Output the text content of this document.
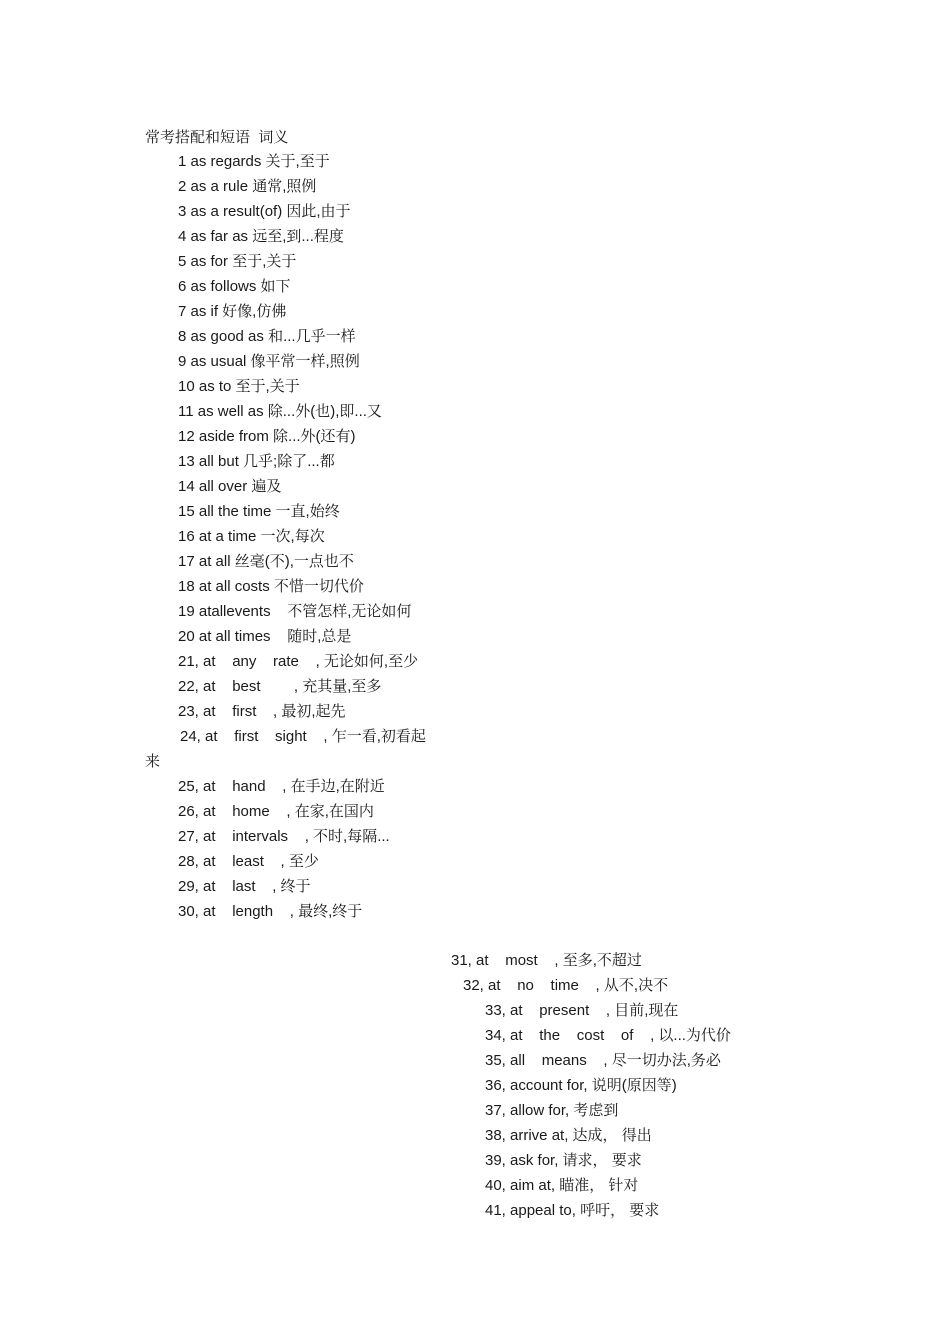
常考搭配和短语  词义
1 as regards 关于,至于
2 as a rule 通常,照例
3 as a result(of) 因此,由于
4 as far as 远至,到...程度
5 as for 至于,关于
6 as follows 如下
7 as if 好像,仿佛
8 as good as 和...几乎一样
9 as usual 像平常一样,照例
10 as to 至于,关于
11 as well as 除...外(也),即...又
12 aside from 除...外(还有)
13 all but 几乎;除了...都
14 all over 遍及
15 all the time 一直,始终
16 at a time 一次,每次
17 at all 丝毫(不),一点也不
18 at all costs 不惜一切代价
19 atallevents    不管怎样,无论如何
20 at all times    随时,总是
21, at    any    rate    , 无论如何,至少
22, at    best        , 充其量,至多
23, at    first    , 最初,起先
24, at    first    sight    , 乍一看,初看起
来
25, at    hand    , 在手边,在附近
26, at    home    , 在家,在国内
27, at    intervals    , 不时,每隔...
28, at    least    , 至少
29, at    last    , 终于
30, at    length    , 最终,终于
31, at    most    , 至多,不超过
32, at    no    time    , 从不,决不
33, at    present    , 目前,现在
34, at    the    cost    of    , 以...为代价
35, all    means    , 尽一切办法,务必
36, account for, 说明(原因等)
37, allow for, 考虑到
38, arrive at, 达成， 得出
39, ask for, 请求， 要求
40, aim at, 瞄准， 针对
41, appeal to, 呼吁， 要求
